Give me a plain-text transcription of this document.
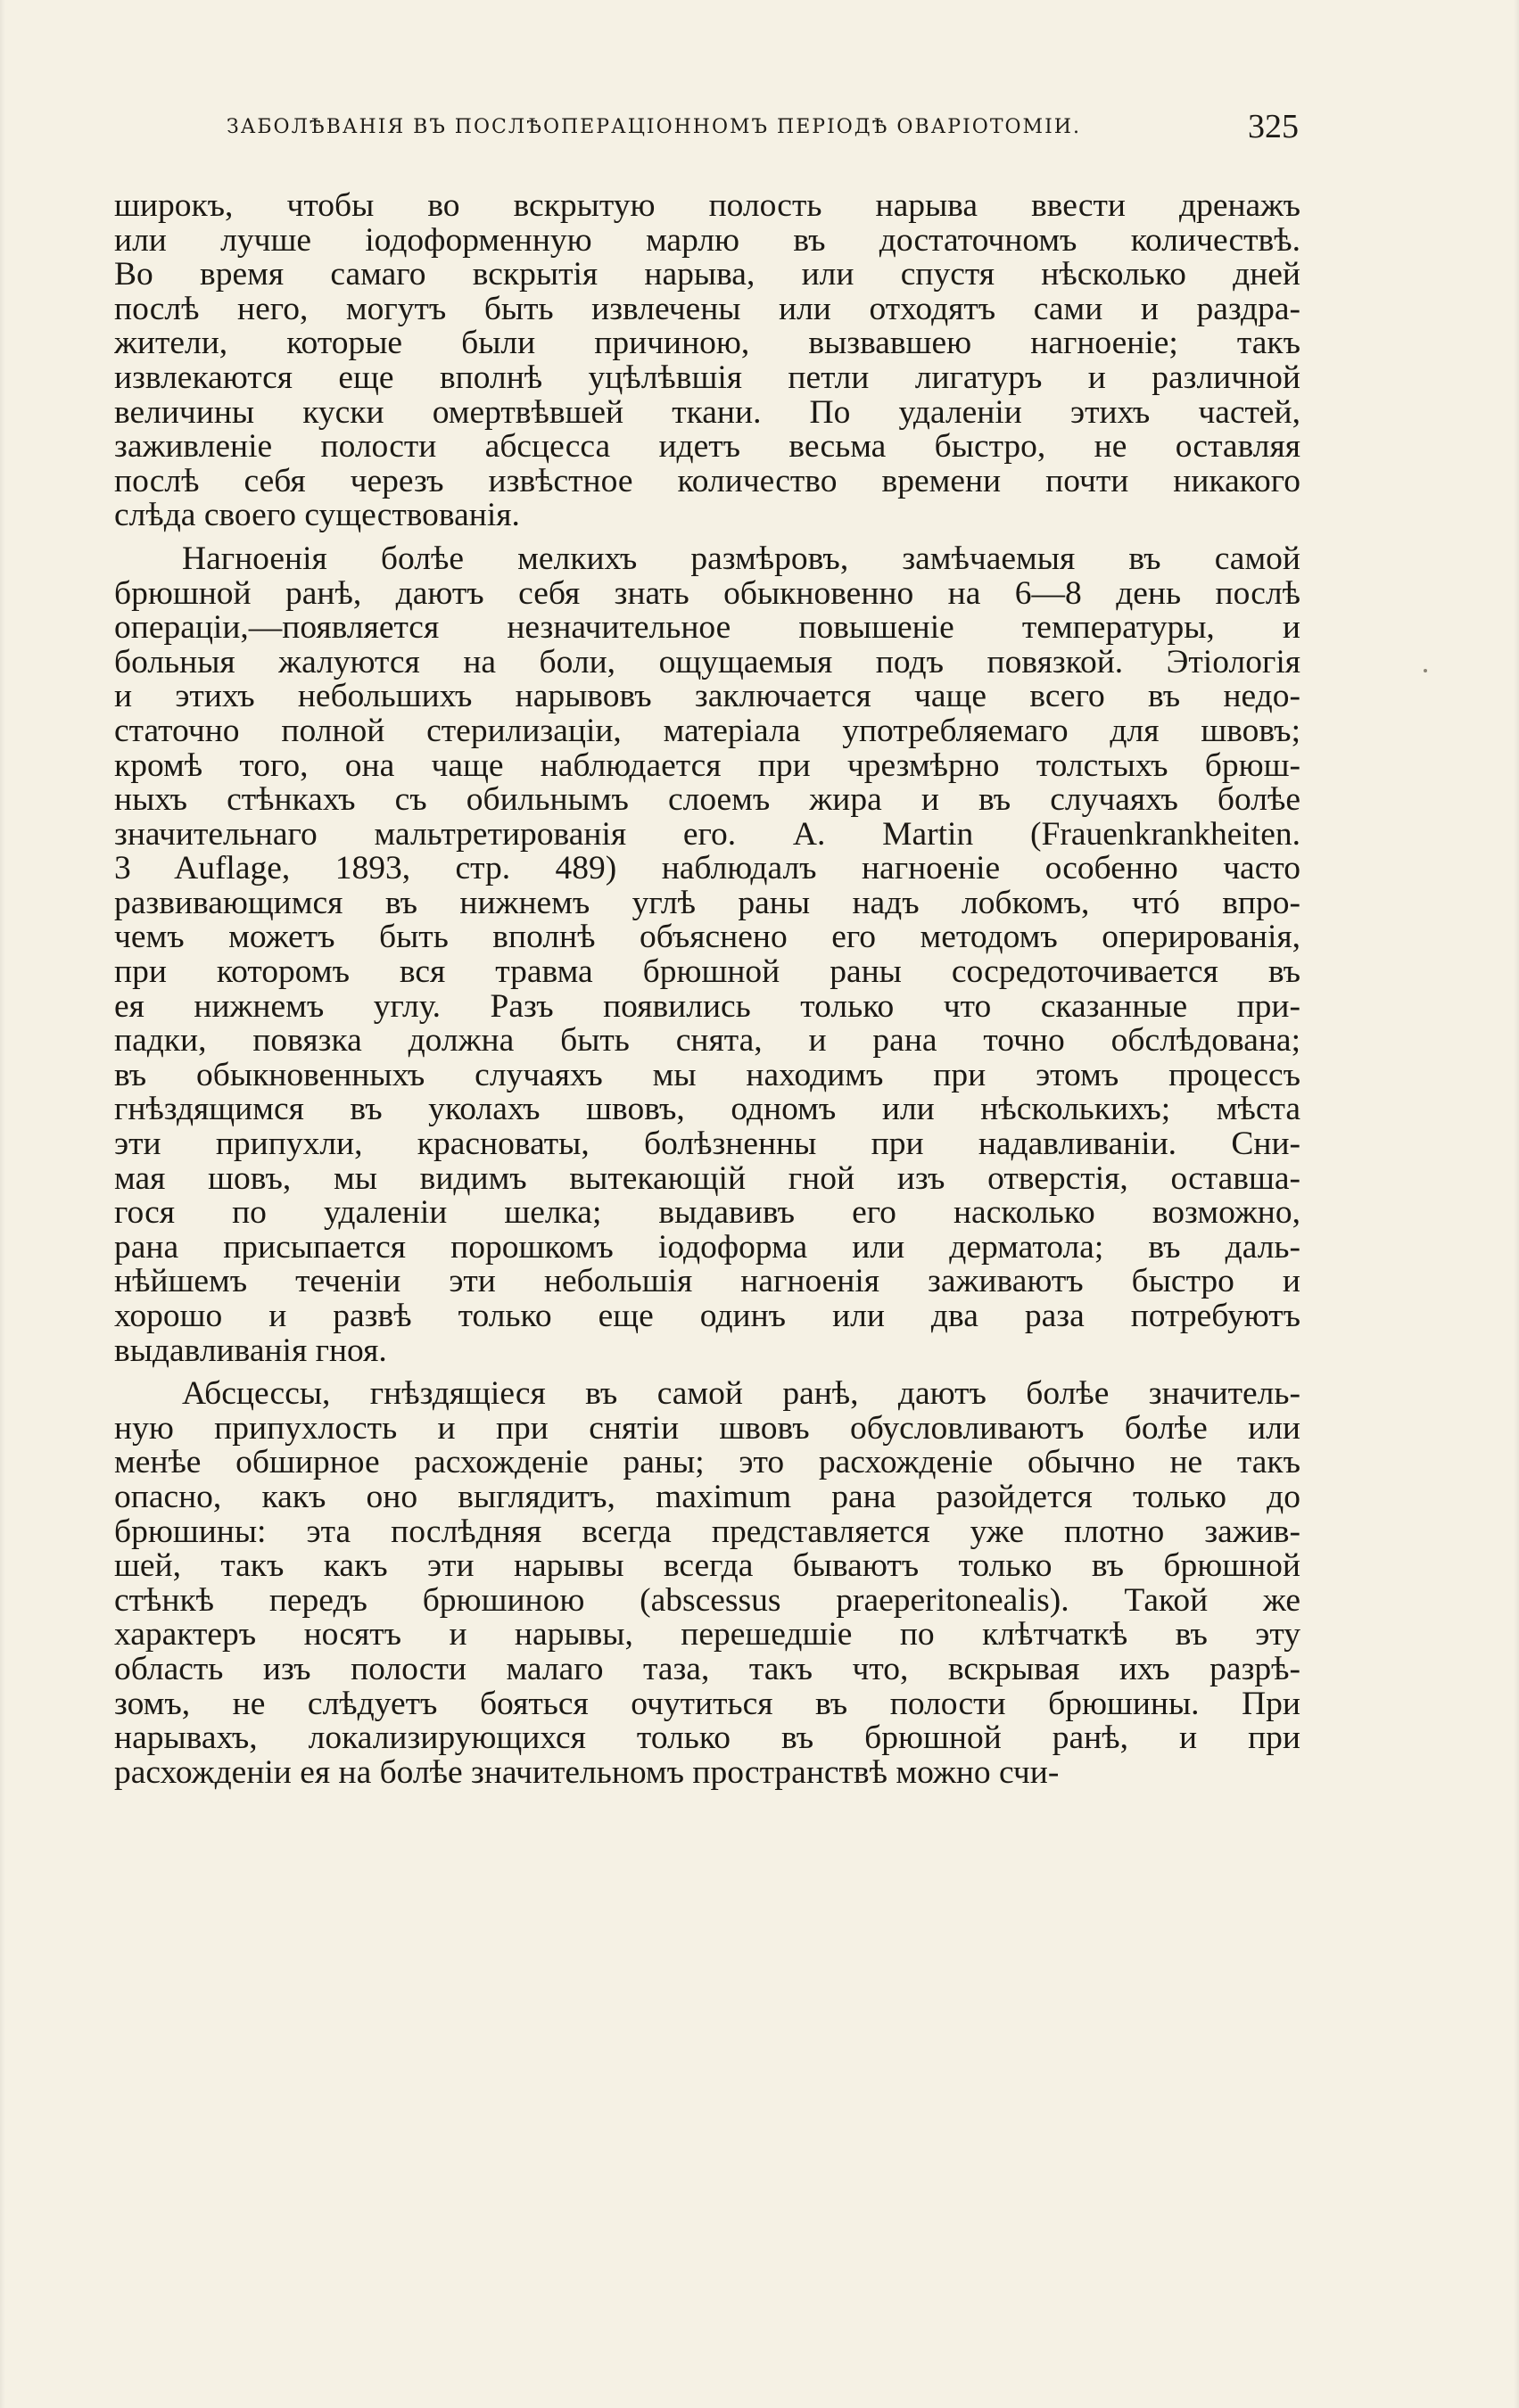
ЗАБОЛѢВАНІЯ ВЪ ПОСЛѢОПЕРАЦІОННОМЪ ПЕРІОДѢ ОВАРІОТОМІИ.	325
широкъ, чтобы во вскрытую полость нарыва ввести дренажъ
или лучше іодоформенную марлю въ достаточномъ количествѣ.
Во время самаго вскрытія нарыва, или спустя нѣсколько дней
послѣ него, могутъ быть извлечены или отходятъ сами и раздра-
жители, которые были причиною, вызвавшею нагноеніе; такъ
извлекаются еще вполнѣ уцѣлѣвшія петли лигатуръ и различной
величины куски омертвѣвшей ткани. По удаленіи этихъ частей,
заживленіе полости абсцесса идетъ весьма быстро, не оставляя
послѣ себя черезъ извѣстное количество времени почти никакого
слѣда своего существованія.
Нагноенія болѣе мелкихъ размѣровъ, замѣчаемыя въ самой
брюшной ранѣ, даютъ себя знать обыкновенно на 6—8 день послѣ
операціи,—появляется незначительное повышеніе температуры, и
больныя жалуются на боли, ощущаемыя подъ повязкой. Этіологія
и этихъ небольшихъ нарывовъ заключается чаще всего въ недо-
статочно полной стерилизаціи, матеріала употребляемаго для швовъ;
кромѣ того, она чаще наблюдается при чрезмѣрно толстыхъ брюш-
ныхъ стѣнкахъ съ обильнымъ слоемъ жира и въ случаяхъ болѣе
значительнаго мальтретированія его. A. Martin (Frauenkrankheiten.
3 Auflage, 1893, стр. 489) наблюдалъ нагноеніе особенно часто
развивающимся въ нижнемъ углѣ раны надъ лобкомъ, чтó впро-
чемъ можетъ быть вполнѣ объяснено его методомъ оперированія,
при которомъ вся травма брюшной раны сосредоточивается въ
ея нижнемъ углу. Разъ появились только что сказанные при-
падки, повязка должна быть снята, и рана точно обслѣдована;
въ обыкновенныхъ случаяхъ мы находимъ при этомъ процессъ
гнѣздящимся въ уколахъ швовъ, одномъ или нѣсколькихъ; мѣста
эти припухли, красноваты, болѣзненны при надавливаніи. Сни-
мая шовъ, мы видимъ вытекающій гной изъ отверстія, оставша-
гося по удаленіи шелка; выдавивъ его насколько возможно,
рана присыпается порошкомъ іодоформа или дерматола; въ даль-
нѣйшемъ теченіи эти небольшія нагноенія заживаютъ быстро и
хорошо и развѣ только еще одинъ или два раза потребуютъ
выдавливанія гноя.
Абсцессы, гнѣздящіеся въ самой ранѣ, даютъ болѣе значитель-
ную припухлость и при снятіи швовъ обусловливаютъ болѣе или
менѣе обширное расхожденіе раны; это расхожденіе обычно не такъ
опасно, какъ оно выглядитъ, maximum рана разойдется только до
брюшины: эта послѣдняя всегда представляется уже плотно зажив-
шей, такъ какъ эти нарывы всегда бываютъ только въ брюшной
стѣнкѣ передъ брюшиною (abscessus praeperitonealis). Такой же
характеръ носятъ и нарывы, перешедшіе по клѣтчаткѣ въ эту
область изъ полости малаго таза, такъ что, вскрывая ихъ разрѣ-
зомъ, не слѣдуетъ бояться очутиться въ полости брюшины. При
нарывахъ, локализирующихся только въ брюшной ранѣ, и при
расхожденіи ея на болѣе значительномъ пространствѣ можно счи-
